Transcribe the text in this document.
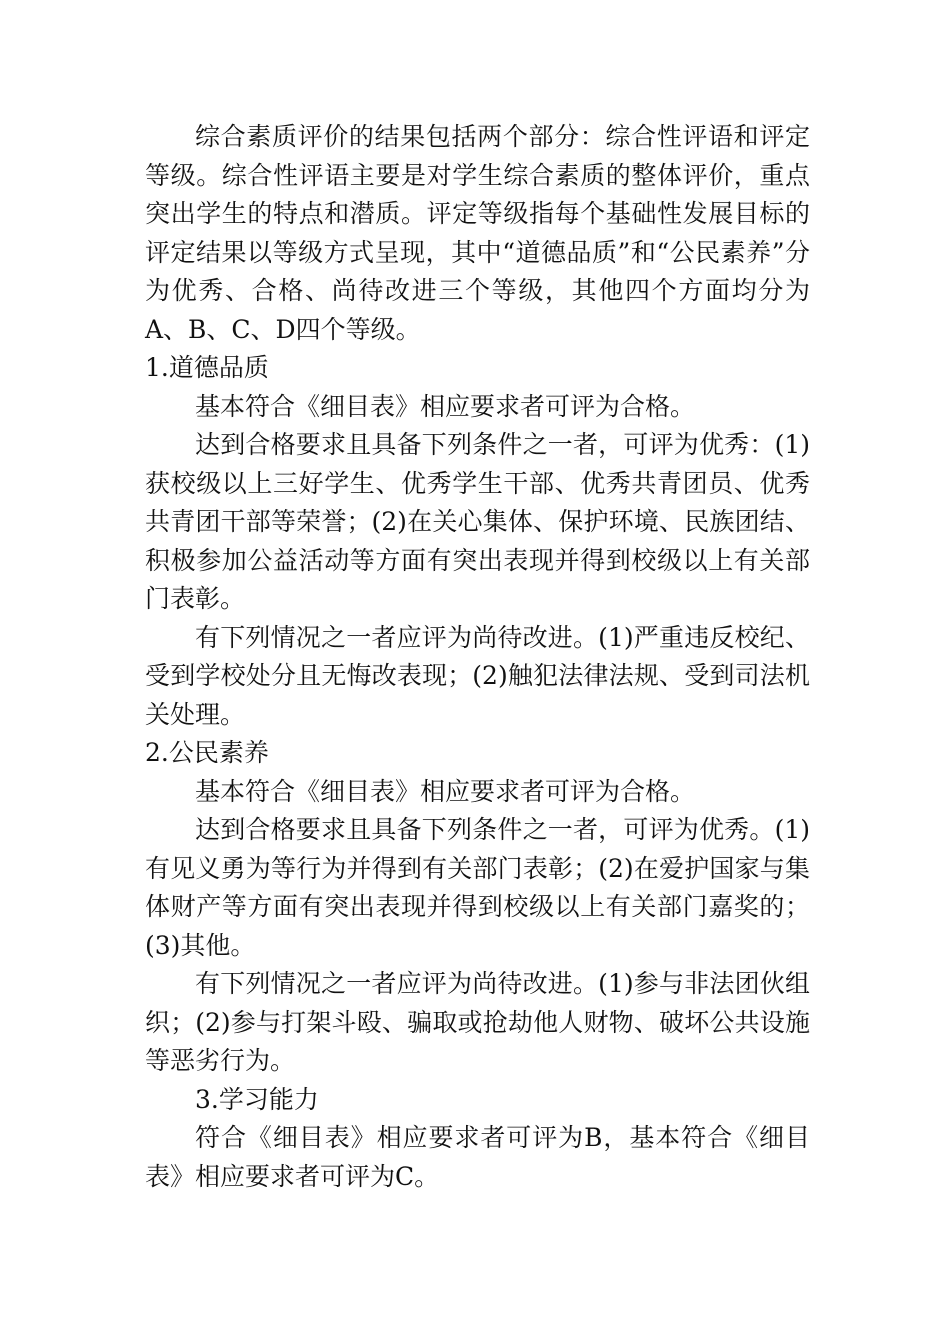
综合素质评价的结果包括两个部分：综合性评语和评定等级。综合性评语主要是对学生综合素质的整体评价，重点突出学生的特点和潜质。评定等级指每个基础性发展目标的评定结果以等级方式呈现，其中“道德品质”和“公民素养”分为优秀、合格、尚待改进三个等级，其他四个方面均分为A、B、C、D四个等级。

1.道德品质

基本符合《细目表》相应要求者可评为合格。

达到合格要求且具备下列条件之一者，可评为优秀：(1)获校级以上三好学生、优秀学生干部、优秀共青团员、优秀共青团干部等荣誉；(2)在关心集体、保护环境、民族团结、积极参加公益活动等方面有突出表现并得到校级以上有关部门表彰。

有下列情况之一者应评为尚待改进。(1)严重违反校纪、受到学校处分且无悔改表现；(2)触犯法律法规、受到司法机关处理。

2.公民素养

基本符合《细目表》相应要求者可评为合格。

达到合格要求且具备下列条件之一者，可评为优秀。(1)有见义勇为等行为并得到有关部门表彰；(2)在爱护国家与集体财产等方面有突出表现并得到校级以上有关部门嘉奖的；(3)其他。

有下列情况之一者应评为尚待改进。(1)参与非法团伙组织；(2)参与打架斗殴、骗取或抢劫他人财物、破坏公共设施等恶劣行为。

3.学习能力

符合《细目表》相应要求者可评为B，基本符合《细目表》相应要求者可评为C。
